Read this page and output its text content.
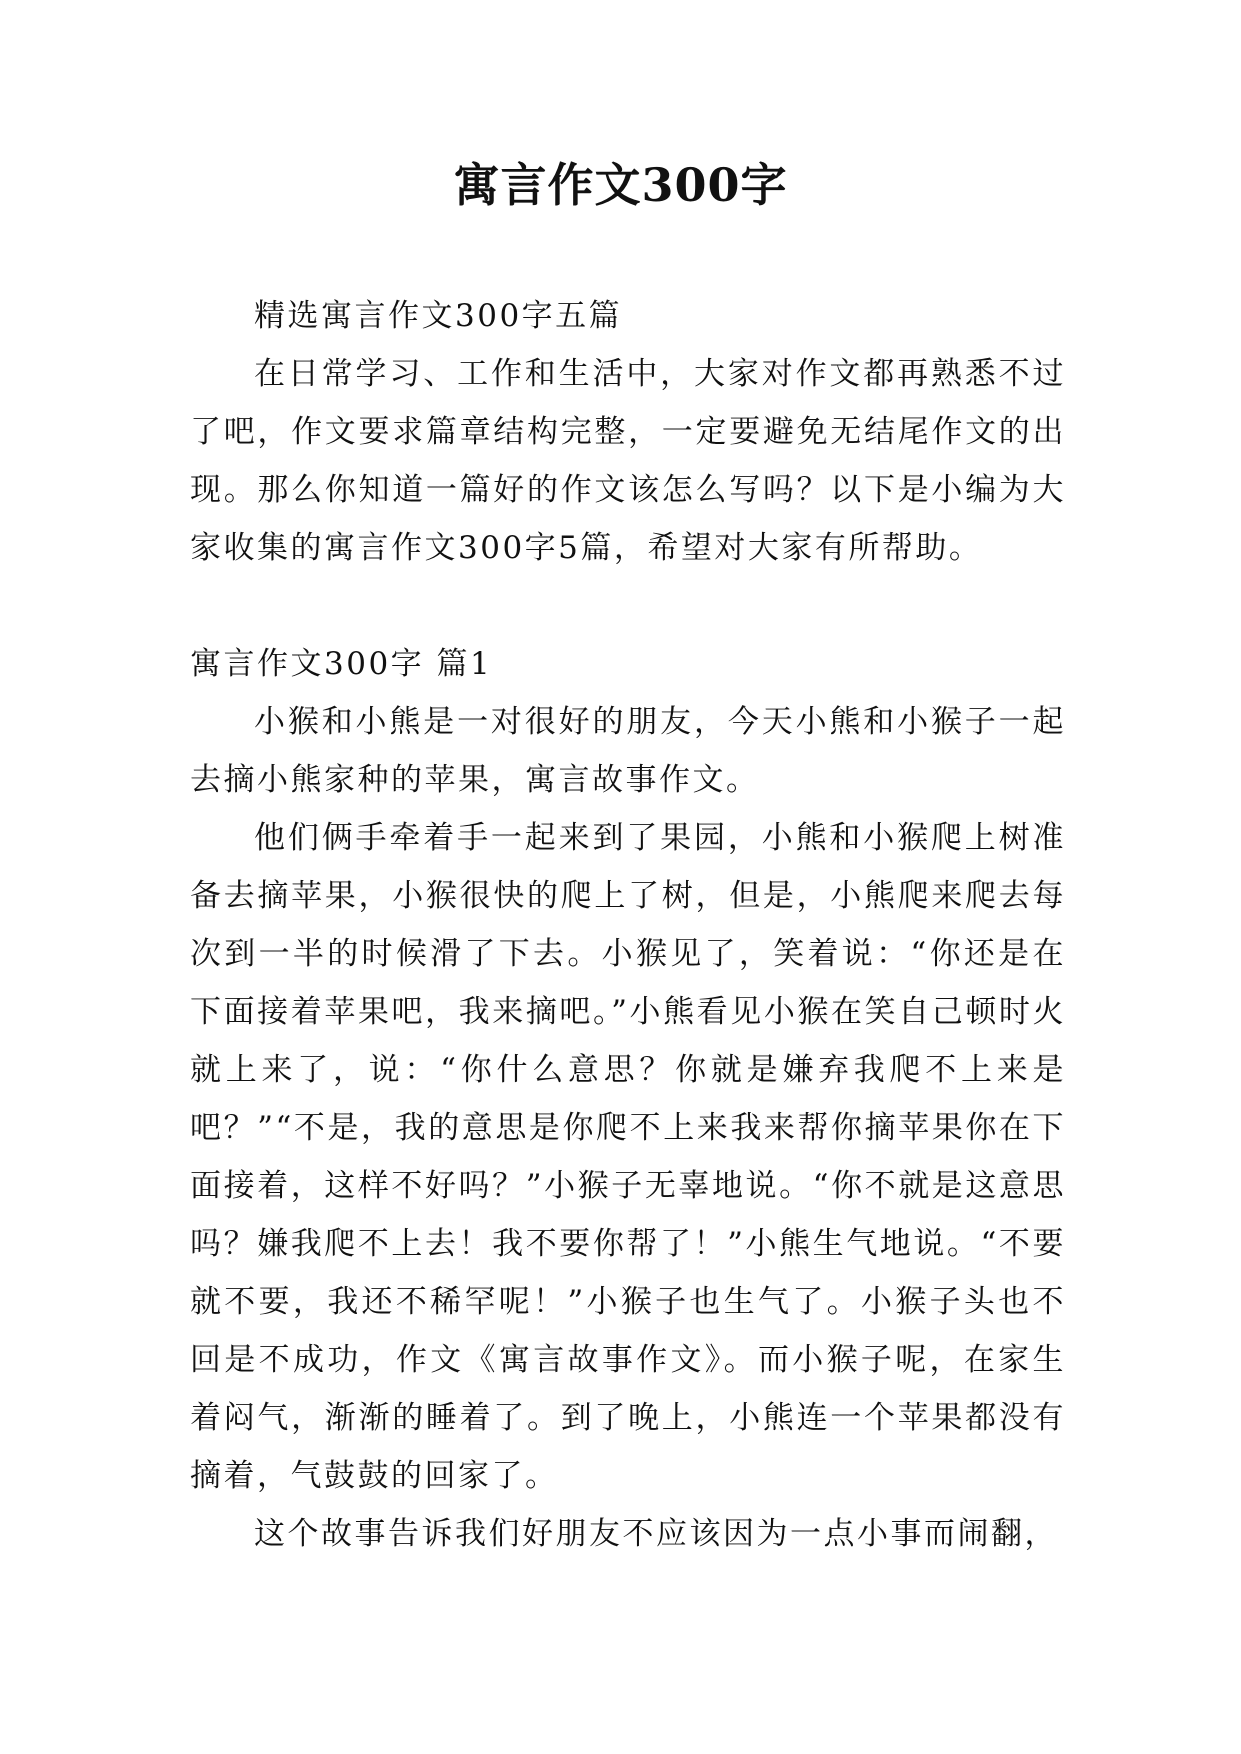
寓言作文300字

精选寓言作文300字五篇

在日常学习、工作和生活中，大家对作文都再熟悉不过了吧，作文要求篇章结构完整，一定要避免无结尾作文的出现。那么你知道一篇好的作文该怎么写吗？以下是小编为大家收集的寓言作文300字5篇，希望对大家有所帮助。

寓言作文300字 篇1

小猴和小熊是一对很好的朋友，今天小熊和小猴子一起去摘小熊家种的苹果，寓言故事作文。

他们俩手牵着手一起来到了果园，小熊和小猴爬上树准备去摘苹果，小猴很快的爬上了树，但是，小熊爬来爬去每次到一半的时候滑了下去。小猴见了，笑着说：“你还是在下面接着苹果吧，我来摘吧。”小熊看见小猴在笑自己顿时火就上来了，说：“你什么意思？你就是嫌弃我爬不上来是吧？”“不是，我的意思是你爬不上来我来帮你摘苹果你在下面接着，这样不好吗？”小猴子无辜地说。“你不就是这意思吗？嫌我爬不上去！我不要你帮了！”小熊生气地说。“不要就不要，我还不稀罕呢！”小猴子也生气了。小猴子头也不回是不成功，作文《寓言故事作文》。而小猴子呢，在家生着闷气，渐渐的睡着了。到了晚上，小熊连一个苹果都没有摘着，气鼓鼓的回家了。

这个故事告诉我们好朋友不应该因为一点小事而闹翻，
